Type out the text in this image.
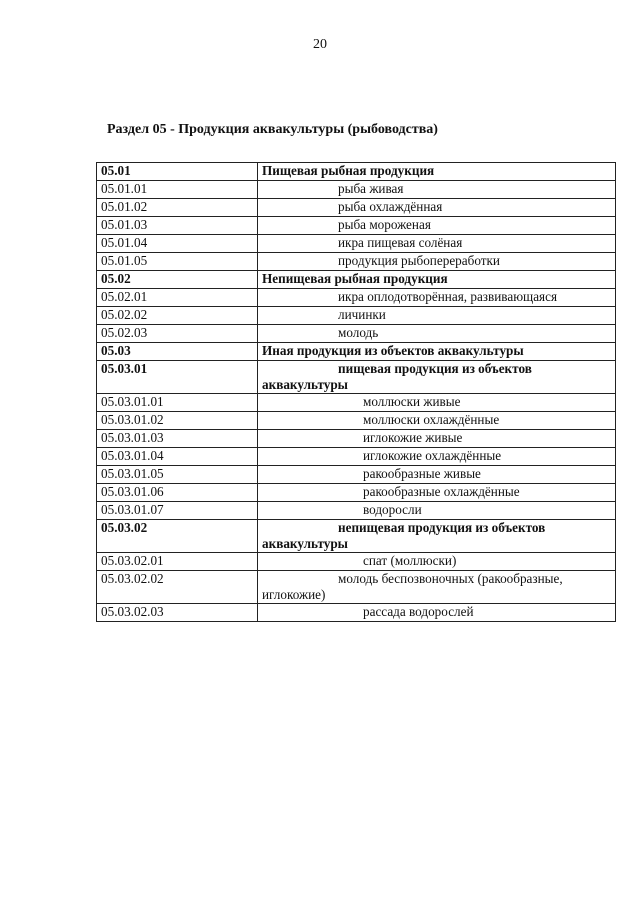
20
Раздел 05 - Продукция аквакультуры (рыбоводства)
05.01	Пищевая рыбная продукция

05.01.01	рыба живая

05.01.02	рыба охлаждённая

05.01.03	рыба мороженая

05.01.04	икра пищевая солёная

05.01.05	продукция рыбопереработки

05.02	Непищевая рыбная продукция

05.02.01	икра оплодотворённая, развивающаяся

05.02.02	личинки

05.02.03	молодь

05.03	Иная продукция из объектов аквакультуры

05.03.01	пищевая продукция из объектов аквакультуры

05.03.01.01	моллюски живые

05.03.01.02	моллюски охлаждённые

05.03.01.03	иглокожие живые

05.03.01.04	иглокожие охлаждённые

05.03.01.05	ракообразные живые

05.03.01.06	ракообразные охлаждённые

05.03.01.07	водоросли

05.03.02	непищевая продукция из объектов аквакультуры

05.03.02.01	спат (моллюски)

05.03.02.02	молодь беспозвоночных (ракообразные, иглокожие)

05.03.02.03	рассада водорослей
